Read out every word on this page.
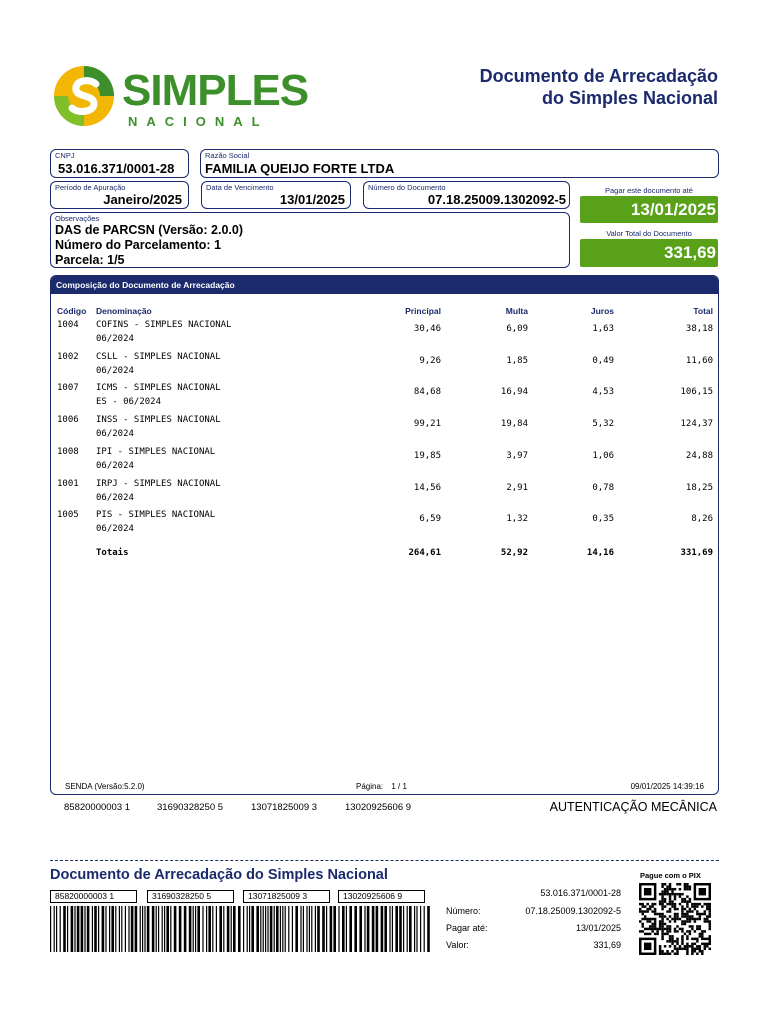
SIMPLES
NACIONAL
Documento de Arrecadação
do Simples Nacional
CNPJ
53.016.371/0001-28
Razão Social
FAMILIA QUEIJO FORTE LTDA
Período de Apuração
Janeiro/2025
Data de Vencimento
13/01/2025
Número do Documento
07.18.25009.1302092-5
Pagar este documento até
13/01/2025
Observações
DAS de PARCSN (Versão: 2.0.0)
Número do Parcelamento: 1
Parcela: 1/5
Valor Total do Documento
331,69
Composição do Documento de Arrecadação
Código Denominação	Principal	Multa	Juros	Total
1004 COFINS - SIMPLES NACIONAL
06/2024
30,46	6,09	1,63	38,18
1002 CSLL - SIMPLES NACIONAL
06/2024
9,26	1,85	0,49	11,60
1007 ICMS - SIMPLES NACIONAL
ES - 06/2024
84,68	16,94	4,53	106,15
1006 INSS - SIMPLES NACIONAL
06/2024
99,21	19,84	5,32	124,37
1008 IPI - SIMPLES NACIONAL
06/2024
19,85	3,97	1,06	24,88
1001 IRPJ - SIMPLES NACIONAL
06/2024
14,56	2,91	0,78	18,25
1005 PIS - SIMPLES NACIONAL
06/2024
6,59	1,32	0,35	8,26
Totais	264,61	52,92	14,16	331,69
SENDA (Versão:5.2.0)	Página: 1 / 1	09/01/2025 14:39:16
85820000003 1	31690328250 5	13071825009 3	13020925606 9	AUTENTICAÇÃO MECÂNICA
Documento de Arrecadação do Simples Nacional	Pague com o PIX
85820000003 1	31690328250 5	13071825009 3	13020925606 9	53.016.371/0001-28
Número:	07.18.25009.1302092-5
Pagar até:	13/01/2025
Valor:	331,69
